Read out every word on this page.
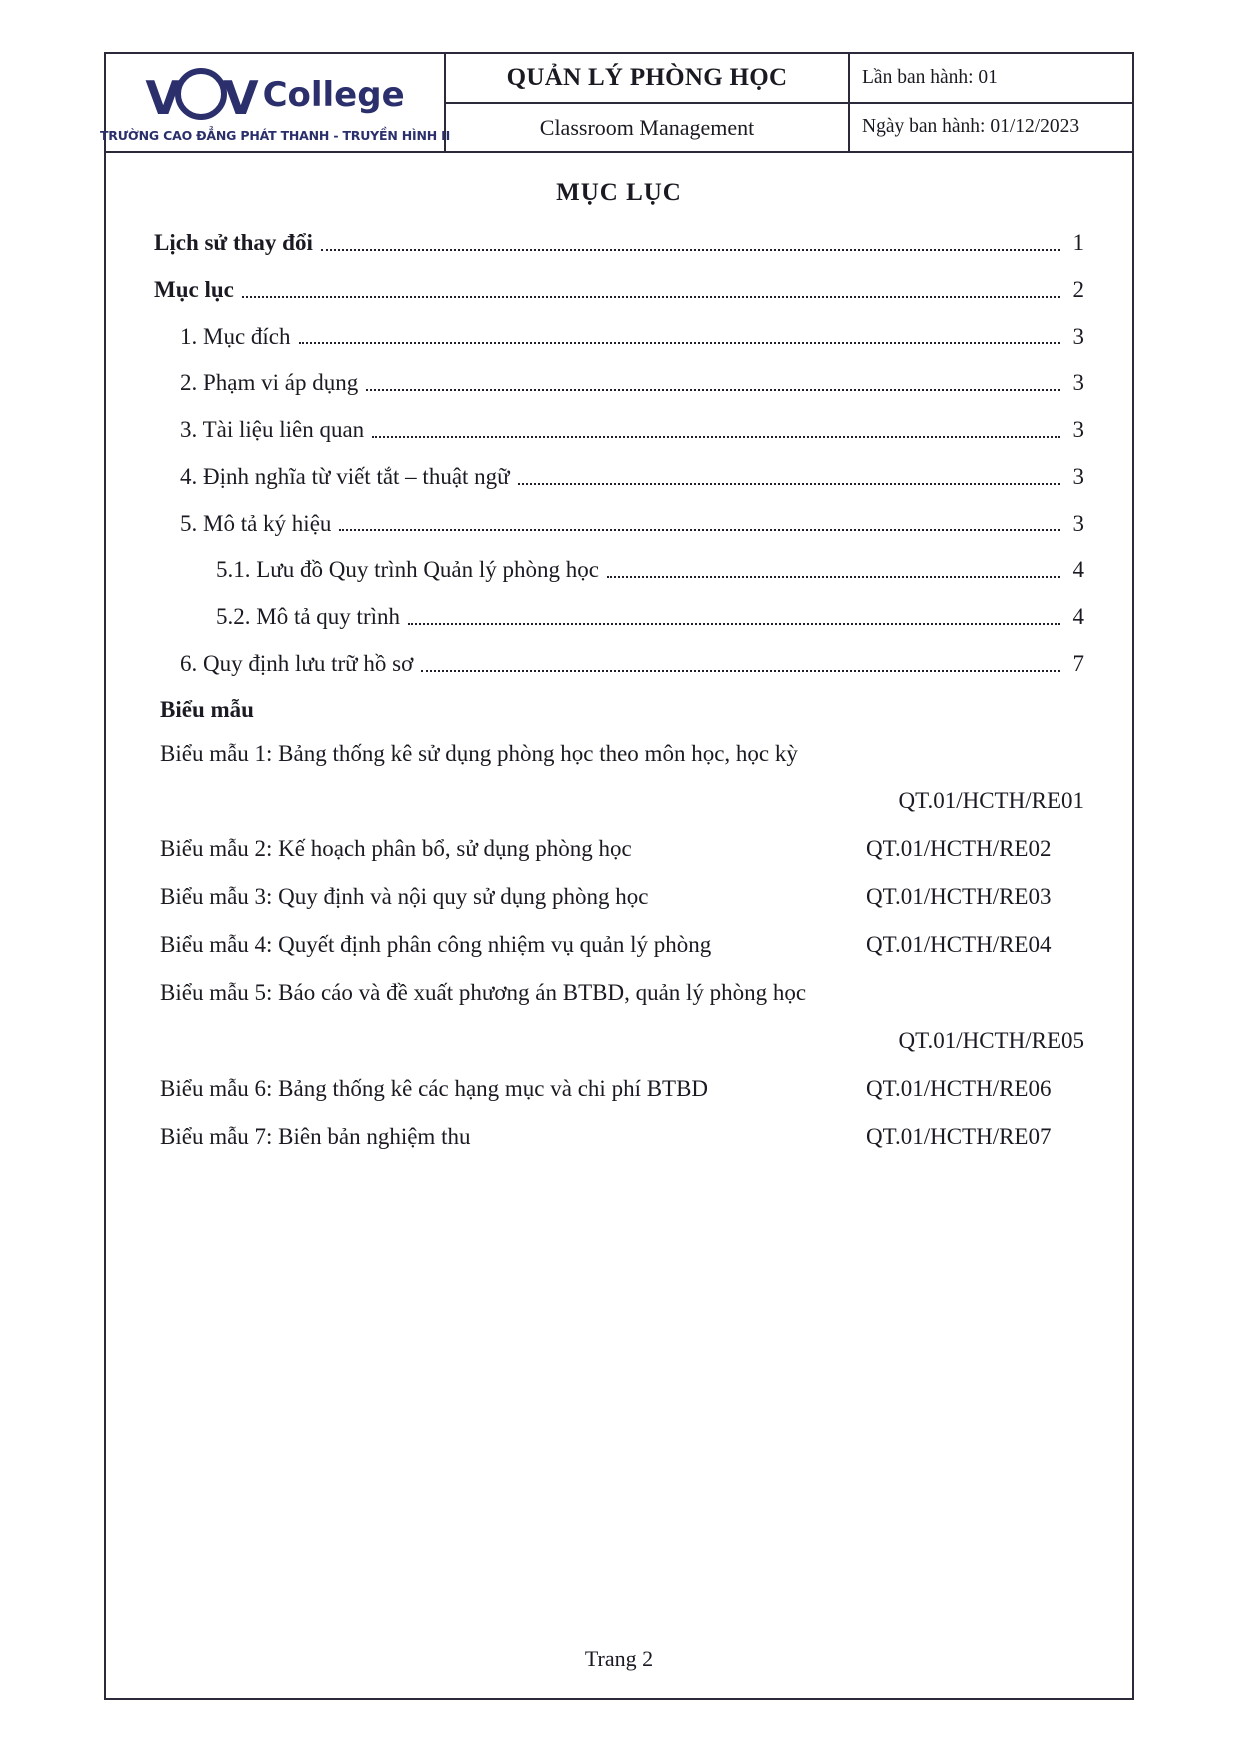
V V College
TRƯỜNG CAO ĐẲNG PHÁT THANH - TRUYỀN HÌNH II
QUẢN LÝ PHÒNG HỌC
Classroom Management
Lần ban hành: 01
Ngày ban hành: 01/12/2023
MỤC LỤC
Lịch sử thay đổi	1
Mục lục	2
1. Mục đích	3
2. Phạm vi áp dụng	3
3. Tài liệu liên quan	3
4. Định nghĩa từ viết tắt – thuật ngữ	3
5. Mô tả ký hiệu	3
5.1. Lưu đồ Quy trình Quản lý phòng học	4
5.2. Mô tả quy trình	4
6. Quy định lưu trữ hồ sơ	7
Biểu mẫu
Biểu mẫu 1: Bảng thống kê sử dụng phòng học theo môn học, học kỳ
QT.01/HCTH/RE01
Biểu mẫu 2: Kế hoạch phân bổ, sử dụng phòng học	QT.01/HCTH/RE02
Biểu mẫu 3: Quy định và nội quy sử dụng phòng học	QT.01/HCTH/RE03
Biểu mẫu 4: Quyết định phân công nhiệm vụ quản lý phòng	QT.01/HCTH/RE04
Biểu mẫu 5: Báo cáo và đề xuất phương án BTBD, quản lý phòng học
QT.01/HCTH/RE05
Biểu mẫu 6: Bảng thống kê các hạng mục và chi phí BTBD	QT.01/HCTH/RE06
Biểu mẫu 7: Biên bản nghiệm thu	QT.01/HCTH/RE07
Trang 2
